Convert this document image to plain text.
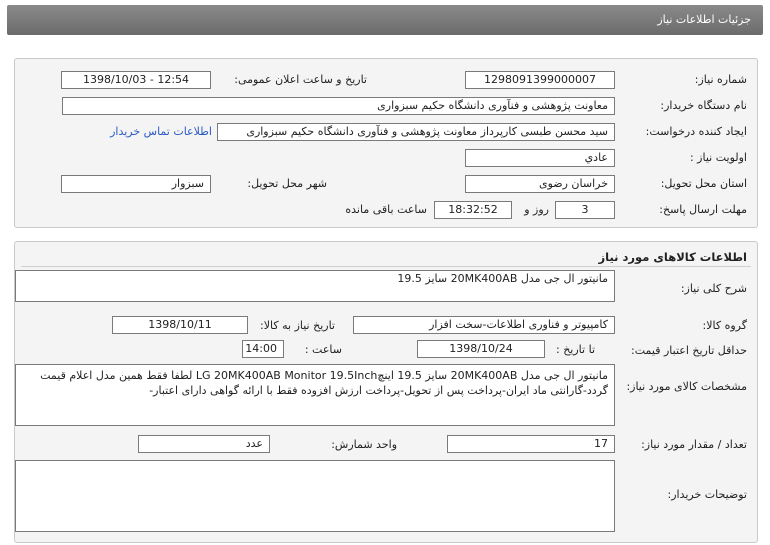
جزئیات اطلاعات نیاز
شماره نیاز:
1298091399000007
تاریخ و ساعت اعلان عمومی:
1398/10/03 - 12:54
نام دستگاه خریدار:
معاونت پژوهشی و فنآوری دانشگاه حکیم سبزواری
ایجاد کننده درخواست:
سید محسن طبسی کارپرداز معاونت پژوهشی و فنآوری دانشگاه حکیم سبزواری
اطلاعات تماس خریدار
اولویت نیاز :
عادي
استان محل تحویل:
خراسان رضوی
شهر محل تحویل:
سبزوار
مهلت ارسال پاسخ:
3
روز و
18:32:52
ساعت باقی مانده
اطلاعات کالاهای مورد نیاز
شرح کلی نیاز:
مانیتور ال جی مدل 20MK400AB سایز 19.5
گروه کالا:
کامپیوتر و فناوری اطلاعات-سخت افزار
تاریخ نیاز به کالا:
1398/10/11
حداقل تاریخ اعتبار قیمت:
تا تاریخ :
1398/10/24
ساعت :
14:00
مشخصات کالای مورد نیاز:
مانیتور ال جی مدل 20MK400AB سایز 19.5 اینچLG 20MK400AB Monitor 19.5Inch لطفا فقط همین مدل اعلام قیمت گردد-گارانتی ماد ایران-پرداخت پس از تحویل-پرداخت ارزش افزوده فقط با ارائه گواهی دارای اعتبار-
تعداد / مقدار مورد نیاز:
17
واحد شمارش:
عدد
توضیحات خریدار:
